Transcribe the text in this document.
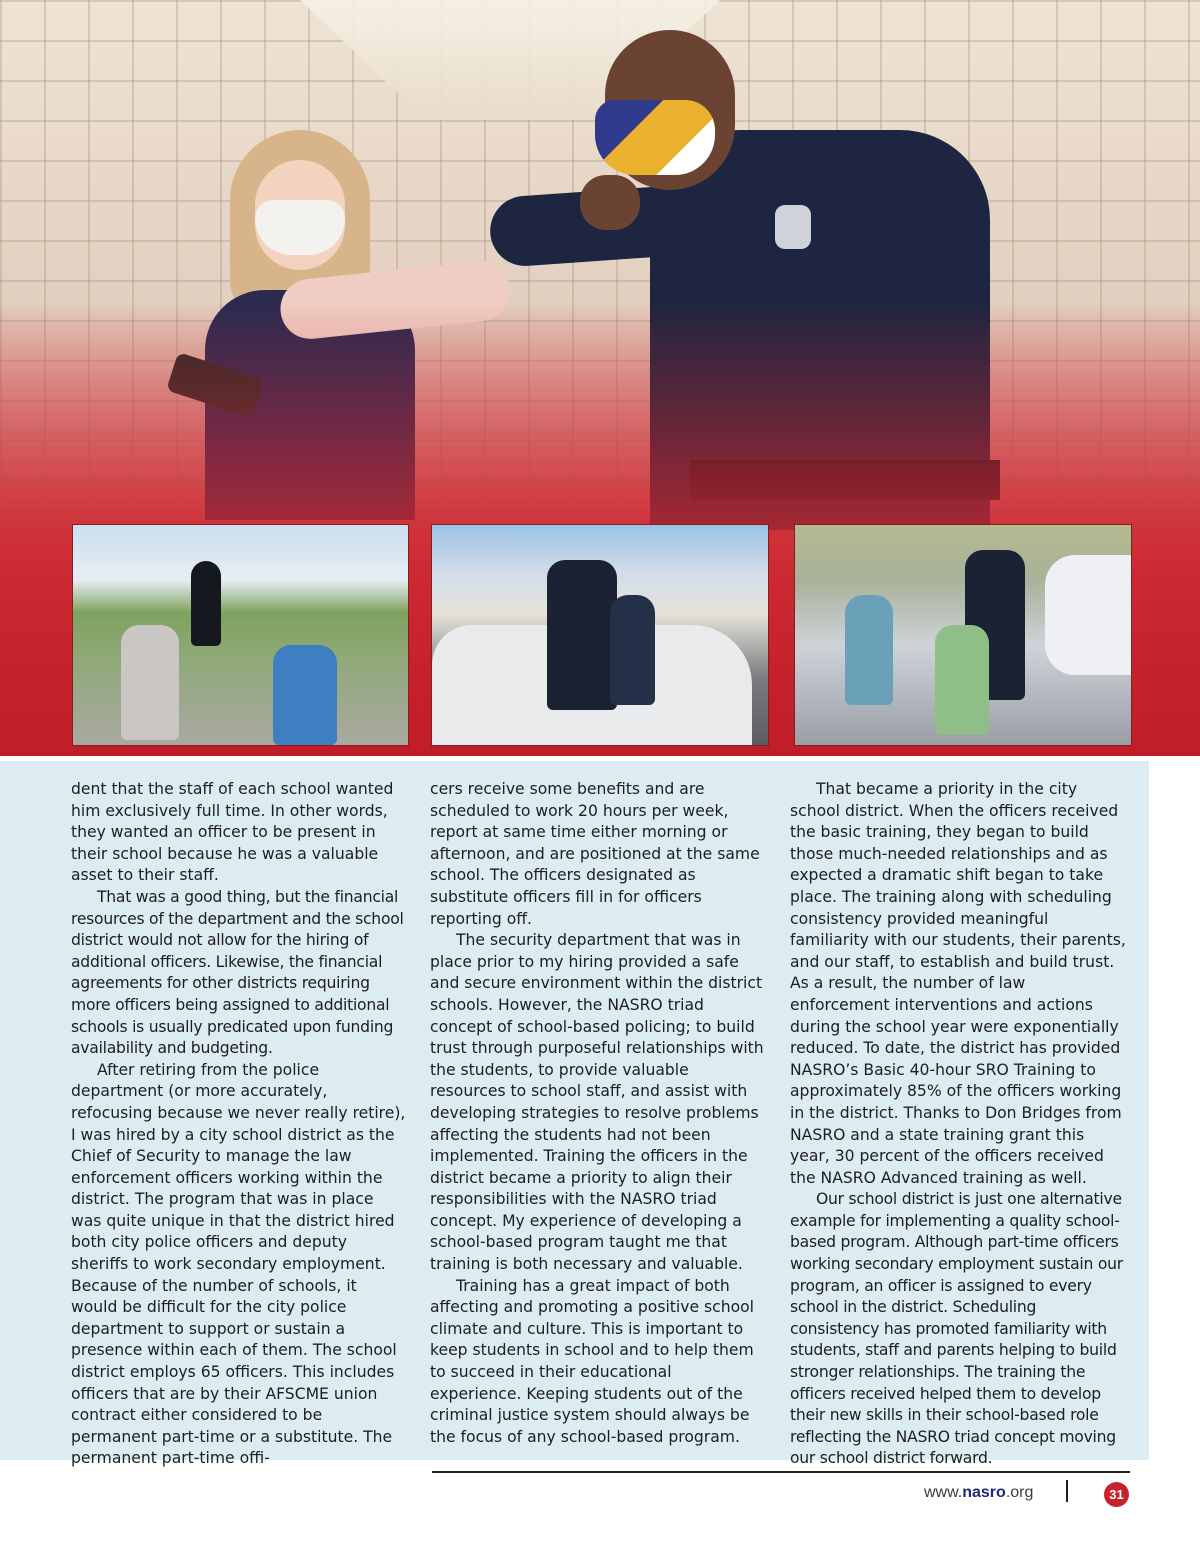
dent that the staff of each school wanted him exclusively full time. In other words, they wanted an officer to be present in their school because he was a valuable asset to their staff.

That was a good thing, but the financial resources of the department and the school district would not allow for the hiring of additional officers. Likewise, the financial agreements for other districts requiring more officers being assigned to additional schools is usually predicated upon funding availability and budgeting.

After retiring from the police department (or more accurately, refocusing because we never really retire), I was hired by a city school district as the Chief of Security to manage the law enforcement officers working within the district. The program that was in place was quite unique in that the district hired both city police officers and deputy sheriffs to work secondary employment. Because of the number of schools, it would be difficult for the city police department to support or sustain a presence within each of them. The school district employs 65 officers. This includes officers that are by their AFSCME union contract either considered to be permanent part-time or a substitute. The permanent part-time offi-

cers receive some benefits and are scheduled to work 20 hours per week, report at same time either morning or afternoon, and are positioned at the same school. The officers designated as substitute officers fill in for officers reporting off.

The security department that was in place prior to my hiring provided a safe and secure environment within the district schools. However, the NASRO triad concept of school-based policing; to build trust through purposeful relationships with the students, to provide valuable resources to school staff, and assist with developing strategies to resolve problems affecting the students had not been implemented. Training the officers in the district became a priority to align their responsibilities with the NASRO triad concept. My experience of developing a school-based program taught me that training is both necessary and valuable.

Training has a great impact of both affecting and promoting a positive school climate and culture. This is important to keep students in school and to help them to succeed in their educational experience. Keeping students out of the criminal justice system should always be the focus of any school-based program.

That became a priority in the city school district. When the officers received the basic training, they began to build those much-needed relationships and as expected a dramatic shift began to take place. The training along with scheduling consistency provided meaningful familiarity with our students, their parents, and our staff, to establish and build trust. As a result, the number of law enforcement interventions and actions during the school year were exponentially reduced. To date, the district has provided NASRO’s Basic 40-hour SRO Training to approximately 85% of the officers working in the district. Thanks to Don Bridges from NASRO and a state training grant this year, 30 percent of the officers received the NASRO Advanced training as well.

Our school district is just one alternative example for implementing a quality school-based program. Although part-time officers working secondary employment sustain our program, an officer is assigned to every school in the district. Scheduling consistency has promoted familiarity with students, staff and parents helping to build stronger relationships. The training the officers received helped them to develop their new skills in their school-based role reflecting the NASRO triad concept moving our school district forward.

www.nasro.org	31
